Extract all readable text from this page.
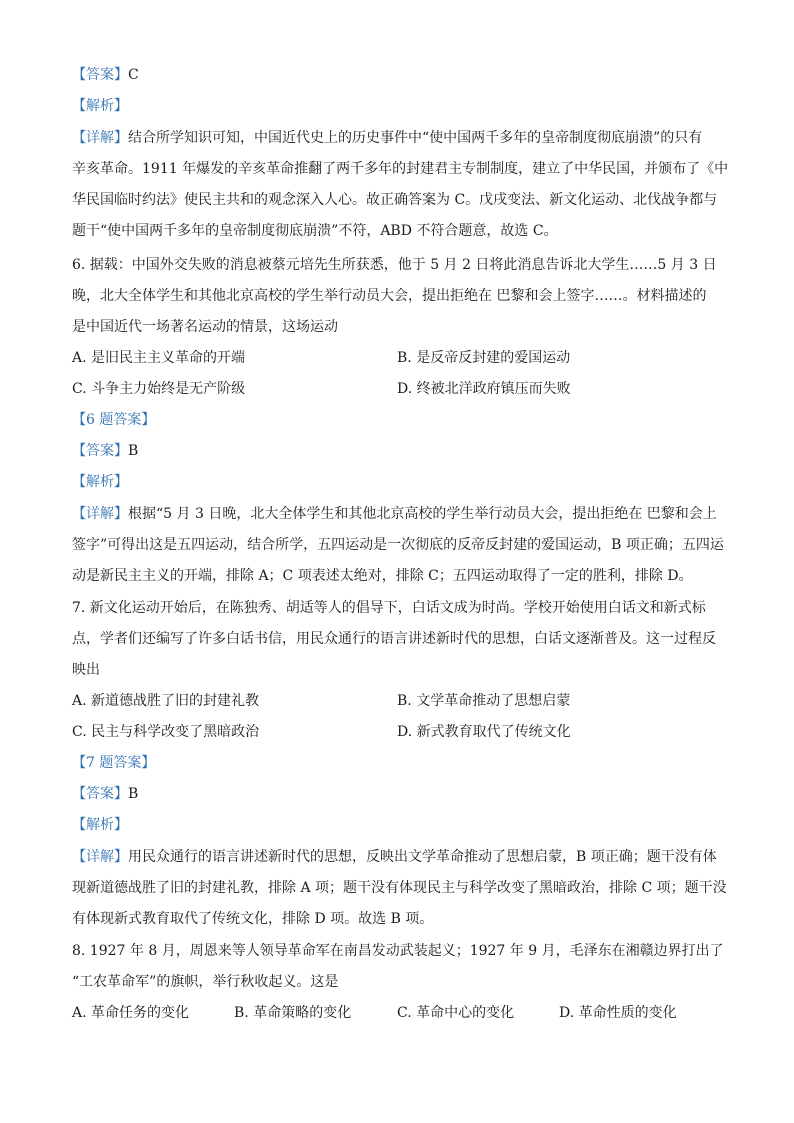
【答案】C
【解析】
【详解】结合所学知识可知，中国近代史上的历史事件中“使中国两千多年的皇帝制度彻底崩溃”的只有
辛亥革命。1911 年爆发的辛亥革命推翻了两千多年的封建君主专制制度，建立了中华民国，并颁布了《中
华民国临时约法》使民主共和的观念深入人心。故正确答案为 C。戊戌变法、新文化运动、北伐战争都与
题干“使中国两千多年的皇帝制度彻底崩溃”不符，ABD 不符合题意，故选 C。
6. 据载：中国外交失败的消息被蔡元培先生所获悉，他于 5 月 2 日将此消息告诉北大学生……5 月 3 日
晚，北大全体学生和其他北京高校的学生举行动员大会，提出拒绝在 巴黎和会上签字……。材料描述的
是中国近代一场著名运动的情景，这场运动
A. 是旧民主主义革命的开端	B. 是反帝反封建的爱国运动
C. 斗争主力始终是无产阶级	D. 终被北洋政府镇压而失败
【6 题答案】
【答案】B
【解析】
【详解】根据“5 月 3 日晚，北大全体学生和其他北京高校的学生举行动员大会，提出拒绝在 巴黎和会上
签字”可得出这是五四运动，结合所学，五四运动是一次彻底的反帝反封建的爱国运动，B 项正确；五四运
动是新民主主义的开端，排除 A；C 项表述太绝对，排除 C；五四运动取得了一定的胜利，排除 D。
7. 新文化运动开始后，在陈独秀、胡适等人的倡导下，白话文成为时尚。学校开始使用白话文和新式标
点，学者们还编写了许多白话书信，用民众通行的语言讲述新时代的思想，白话文逐渐普及。这一过程反
映出
A. 新道德战胜了旧的封建礼教	B. 文学革命推动了思想启蒙
C. 民主与科学改变了黑暗政治	D. 新式教育取代了传统文化
【7 题答案】
【答案】B
【解析】
【详解】用民众通行的语言讲述新时代的思想，反映出文学革命推动了思想启蒙，B 项正确；题干没有体
现新道德战胜了旧的封建礼教，排除 A 项；题干没有体现民主与科学改变了黑暗政治，排除 C 项；题干没
有体现新式教育取代了传统文化，排除 D 项。故选 B 项。
8. 1927 年 8 月，周恩来等人领导革命军在南昌发动武装起义；1927 年 9 月，毛泽东在湘赣边界打出了
“工农革命军”的旗帜，举行秋收起义。这是
A. 革命任务的变化	B. 革命策略的变化	C. 革命中心的变化	D. 革命性质的变化
